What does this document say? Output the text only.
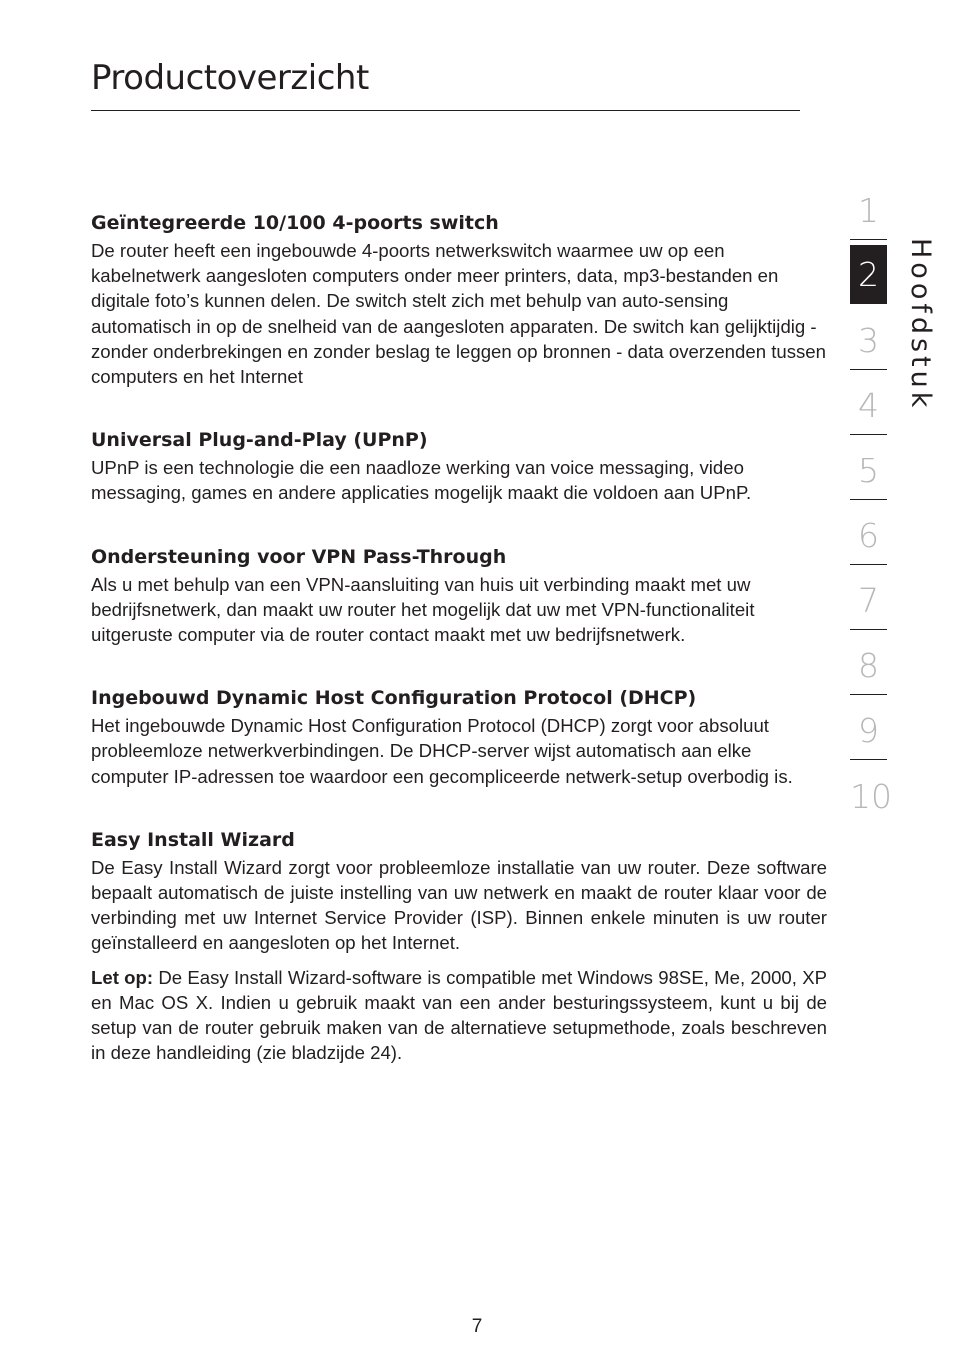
Productoverzicht
Geïntegreerde 10/100 4-poorts switch

De router heeft een ingebouwde 4-poorts netwerkswitch waarmee uw op een kabelnetwerk aangesloten computers onder meer printers, data, mp3-bestanden en digitale foto’s kunnen delen. De switch stelt zich met behulp van auto-sensing automatisch in op de snelheid van de aangesloten apparaten. De switch kan gelijktijdig - zonder onderbrekingen en zonder beslag te leggen op bronnen - data overzenden tussen computers en het Internet

Universal Plug-and-Play (UPnP)

UPnP is een technologie die een naadloze werking van voice messaging, video messaging, games en andere applicaties mogelijk maakt die voldoen aan UPnP.

Ondersteuning voor VPN Pass-Through

Als u met behulp van een VPN-aansluiting van huis uit verbinding maakt met uw bedrijfsnetwerk, dan maakt uw router het mogelijk dat uw met VPN-functionaliteit uitgeruste computer via de router contact maakt met uw bedrijfsnetwerk.

Ingebouwd Dynamic Host Configuration Protocol (DHCP)

Het ingebouwde Dynamic Host Configuration Protocol (DHCP) zorgt voor absoluut probleemloze netwerkverbindingen. De DHCP-server wijst automatisch aan elke computer IP-adressen toe waardoor een gecompliceerde netwerk-setup overbodig is.

Easy Install Wizard

De Easy Install Wizard zorgt voor probleemloze installatie van uw router. Deze software bepaalt automatisch de juiste instelling van uw netwerk en maakt de router klaar voor de verbinding met uw Internet Service Provider (ISP). Binnen enkele minuten is uw router geïnstalleerd en aangesloten op het Internet.

Let op: De Easy Install Wizard-software is compatible met Windows 98SE, Me, 2000, XP en Mac OS X. Indien u gebruik maakt van een ander besturingssysteem, kunt u bij de setup van de router gebruik maken van de alternatieve setupmethode, zoals beschreven in deze handleiding (zie bladzijde 24).

1
2
3
4
5
6
7
8
9
10
Hoofdstuk
7
